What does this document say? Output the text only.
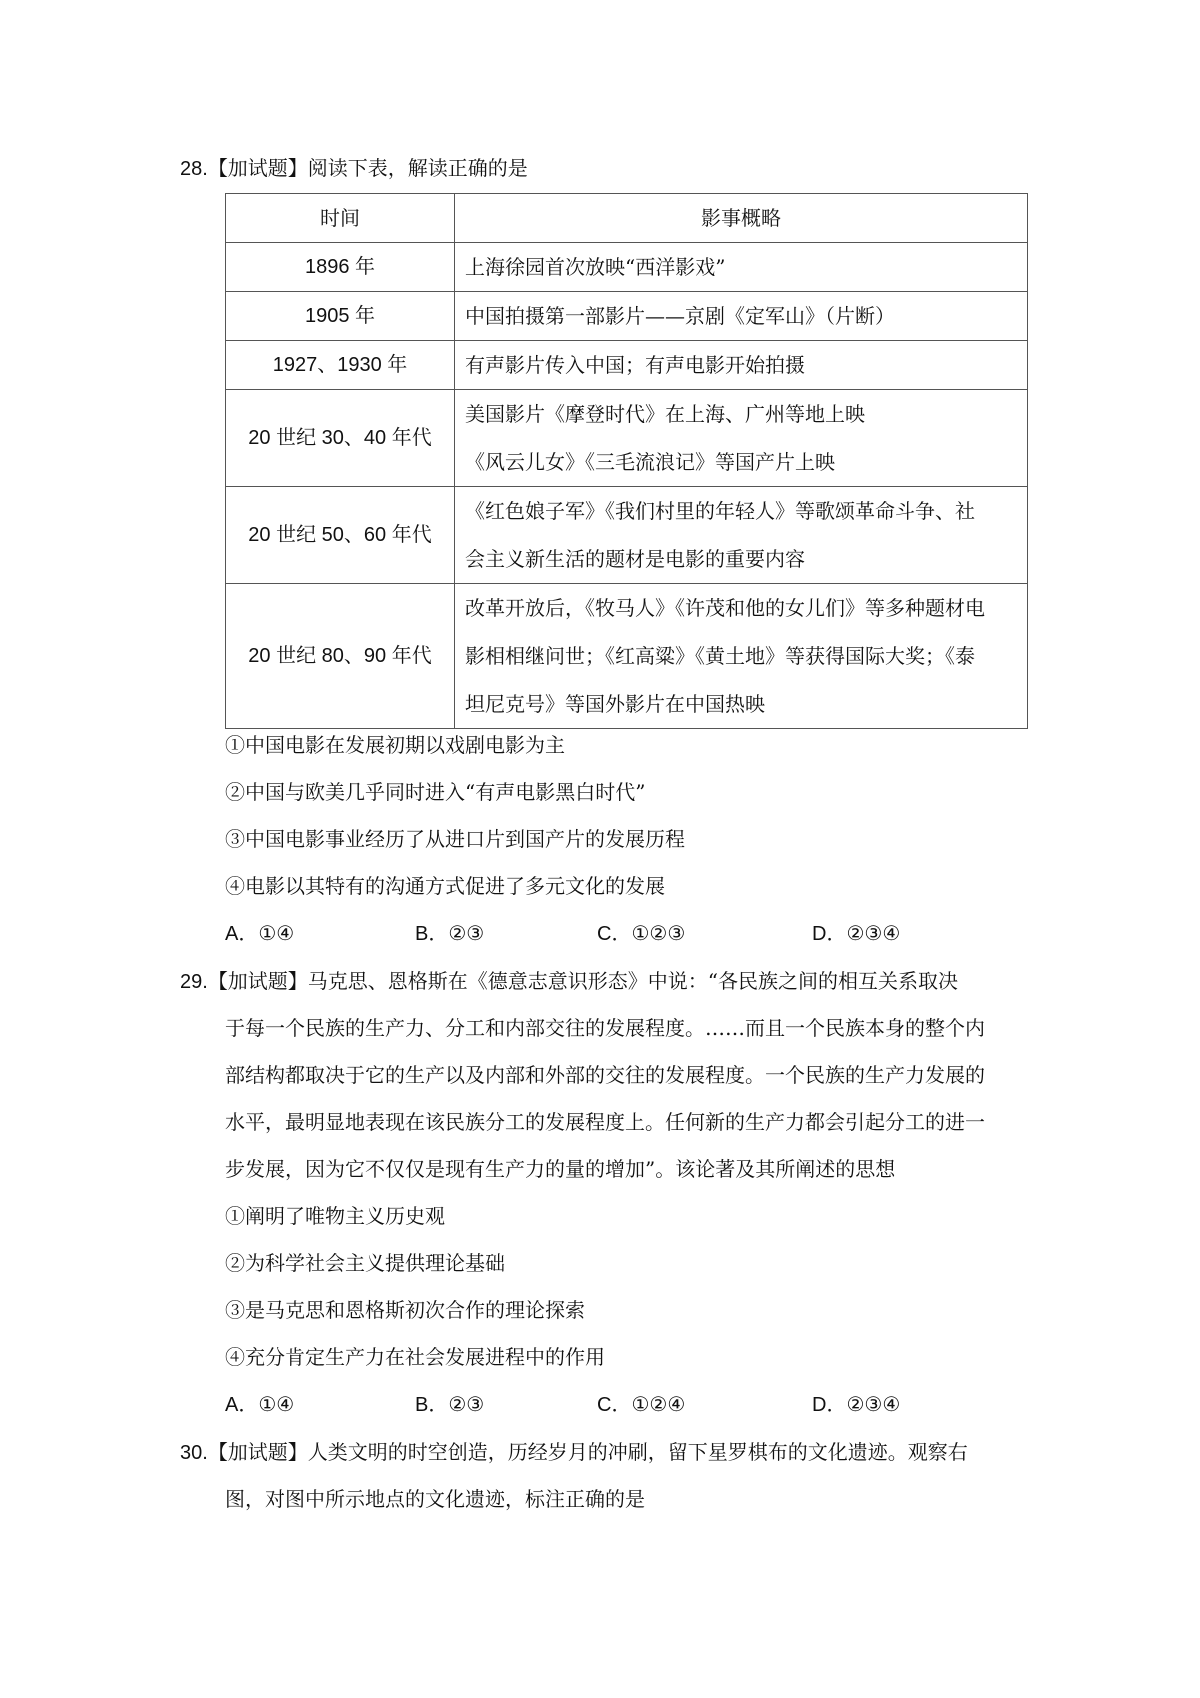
28.【加试题】阅读下表，解读正确的是
时间	影事概略
1896 年	上海徐园首次放映“西洋影戏”
1905 年	中国拍摄第一部影片——京剧《定军山》（片断）
1927、1930 年	有声影片传入中国；有声电影开始拍摄
20 世纪 30、40 年代	美国影片《摩登时代》在上海、广州等地上映
《风云儿女》《三毛流浪记》等国产片上映

20 世纪 50、60 年代	《红色娘子军》《我们村里的年轻人》等歌颂革命斗争、社
会主义新生活的题材是电影的重要内容

20 世纪 80、90 年代	改革开放后，《牧马人》《许茂和他的女儿们》等多种题材电
影相相继问世；《红高粱》《黄土地》等获得国际大奖；《泰
坦尼克号》等国外影片在中国热映
①中国电影在发展初期以戏剧电影为主
②中国与欧美几乎同时进入“有声电影黑白时代”
③中国电影事业经历了从进口片到国产片的发展历程
④电影以其特有的沟通方式促进了多元文化的发展
A．①④	B．②③	C．①②③	D．②③④
29.【加试题】马克思、恩格斯在《德意志意识形态》中说：“各民族之间的相互关系取决
于每一个民族的生产力、分工和内部交往的发展程度。……而且一个民族本身的整个内
部结构都取决于它的生产以及内部和外部的交往的发展程度。一个民族的生产力发展的
水平，最明显地表现在该民族分工的发展程度上。任何新的生产力都会引起分工的进一
步发展，因为它不仅仅是现有生产力的量的增加”。该论著及其所阐述的思想
①阐明了唯物主义历史观
②为科学社会主义提供理论基础
③是马克思和恩格斯初次合作的理论探索
④充分肯定生产力在社会发展进程中的作用
A．①④	B．②③	C．①②④	D．②③④
30.【加试题】人类文明的时空创造，历经岁月的冲刷，留下星罗棋布的文化遗迹。观察右
图，对图中所示地点的文化遗迹，标注正确的是
